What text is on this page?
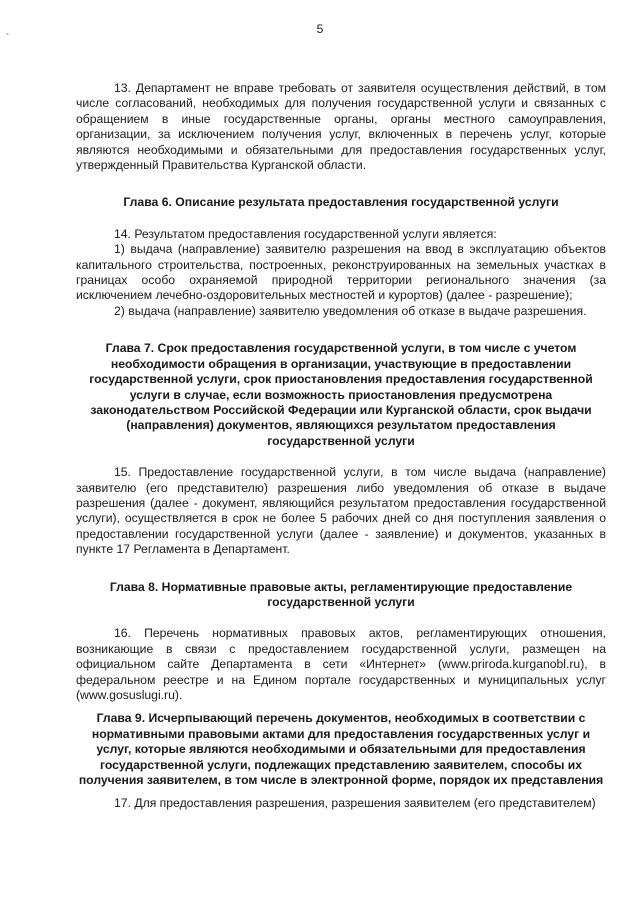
5
`

13. Департамент не вправе требовать от заявителя осуществления действий, в том числе согласований, необходимых для получения государственной услуги и связанных с обращением в иные государственные органы, органы местного самоуправления, организации, за исключением получения услуг, включенных в перечень услуг, которые являются необходимыми и обязательными для предоставления государственных услуг, утвержденный Правительства Курганской области.

Глава 6. Описание результата предоставления государственной услуги

14. Результатом предоставления государственной услуги является:

1) выдача (направление) заявителю разрешения на ввод в эксплуатацию объектов капитального строительства, построенных, реконструированных на земельных участках в границах особо охраняемой природной территории регионального значения (за исключением лечебно-оздоровительных местностей и курортов) (далее - разрешение);

2) выдача (направление) заявителю уведомления об отказе в выдаче разрешения.

Глава 7. Срок предоставления государственной услуги, в том числе с учетом необходимости обращения в организации, участвующие в предоставлении государственной услуги, срок приостановления предоставления государственной услуги в случае, если возможность приостановления предусмотрена законодательством Российской Федерации или Курганской области, срок выдачи (направления) документов, являющихся результатом предоставления государственной услуги

15. Предоставление государственной услуги, в том числе выдача (направление) заявителю (его представителю) разрешения либо уведомления об отказе в выдаче разрешения (далее - документ, являющийся результатом предоставления государственной услуги), осуществляется в срок не более 5 рабочих дней со дня поступления заявления о предоставлении государственной услуги (далее - заявление) и документов, указанных в пункте 17 Регламента в Департамент.

Глава 8. Нормативные правовые акты, регламентирующие предоставление государственной услуги

16. Перечень нормативных правовых актов, регламентирующих отношения, возникающие в связи с предоставлением государственной услуги, размещен на официальном сайте Департамента в сети «Интернет» (www.priroda.kurganobl.ru), в федеральном реестре и на Едином портале государственных и муниципальных услуг (www.gosuslugi.ru).

Глава 9. Исчерпывающий перечень документов, необходимых в соответствии с нормативными правовыми актами для предоставления государственных услуг и услуг, которые являются необходимыми и обязательными для предоставления государственной услуги, подлежащих представлению заявителем, способы их получения заявителем, в том числе в электронной форме, порядок их представления

17. Для предоставления разрешения, разрешения заявителем (его представителем)
